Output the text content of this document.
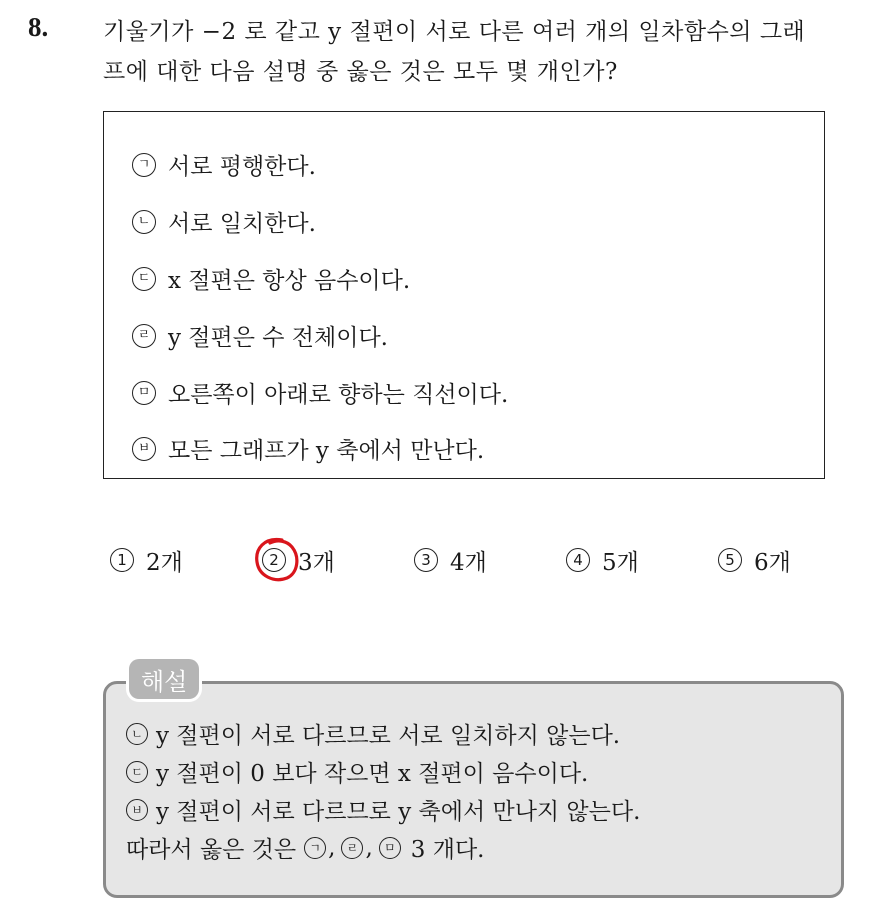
8. 기울기가 −2 로 같고 y 절편이 서로 다른 여러 개의 일차함수의 그래
프에 대한 다음 설명 중 옳은 것은 모두 몇 개인가?
ㄱ 서로 평행한다.
ㄴ 서로 일치한다.
ㄷ x 절편은 항상 음수이다.
ㄹ y 절편은 수 전체이다.
ㅁ 오른쪽이 아래로 향하는 직선이다.
ㅂ 모든 그래프가 y 축에서 만난다.
1 2개	2 3개	3 4개	4 5개	5 6개
해설
ㄴ y 절편이 서로 다르므로 서로 일치하지 않는다.
ㄷ y 절편이 0 보다 작으면 x 절편이 음수이다.
ㅂ y 절편이 서로 다르므로 y 축에서 만나지 않는다.
따라서 옳은 것은	ㄱ , ㄹ , ㅁ 3 개다.
